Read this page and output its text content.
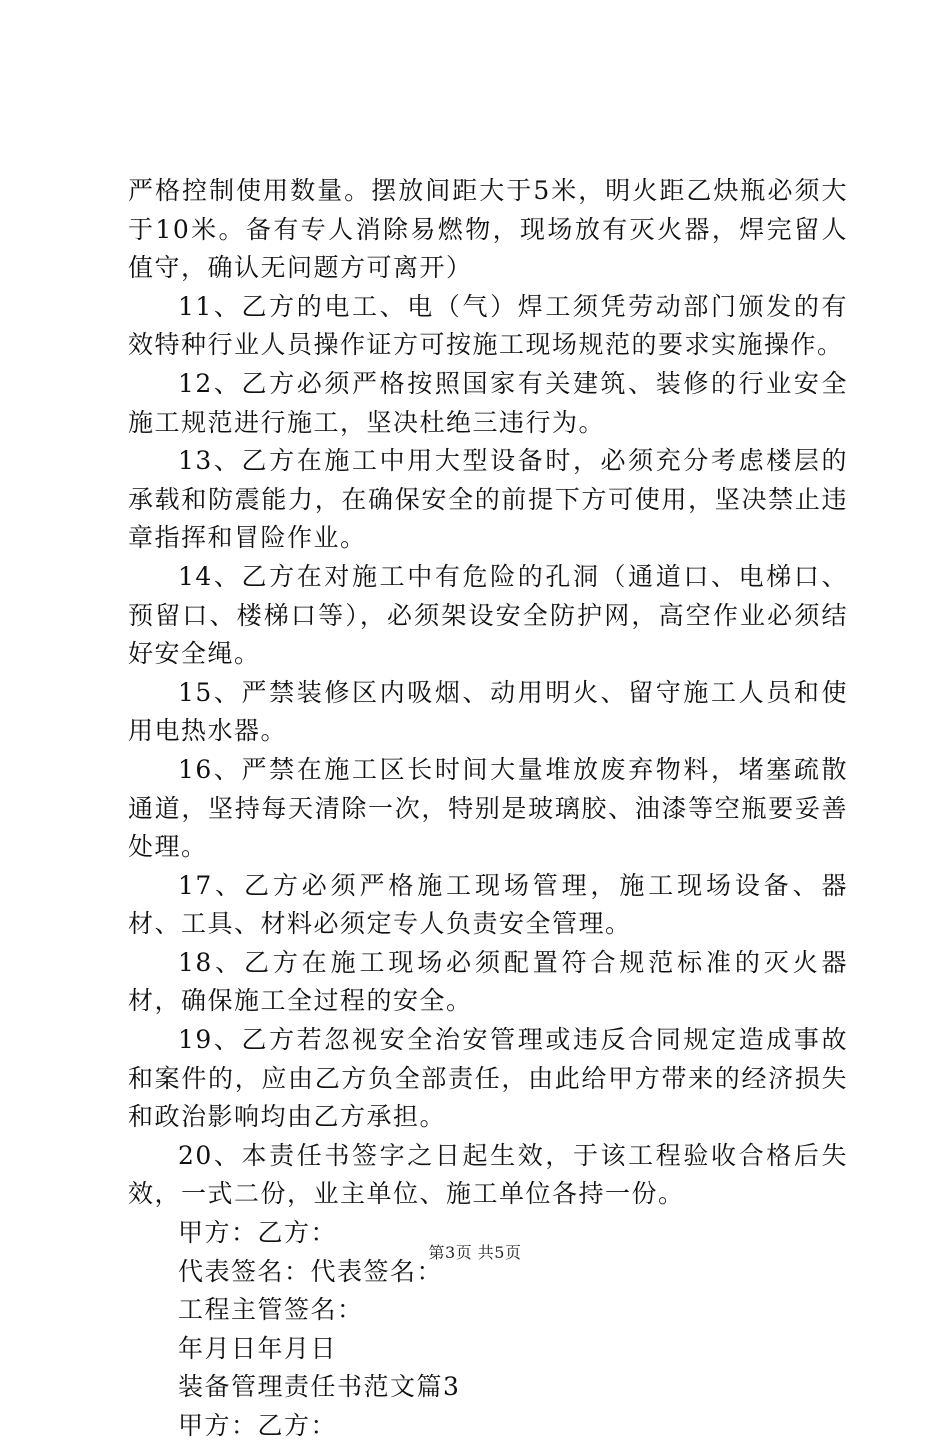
严格控制使用数量。摆放间距大于5米，明火距乙炔瓶必须大于10米。备有专人消除易燃物，现场放有灭火器，焊完留人值守，确认无问题方可离开）

11、乙方的电工、电（气）焊工须凭劳动部门颁发的有效特种行业人员操作证方可按施工现场规范的要求实施操作。

12、乙方必须严格按照国家有关建筑、装修的行业安全施工规范进行施工，坚决杜绝三违行为。

13、乙方在施工中用大型设备时，必须充分考虑楼层的承载和防震能力，在确保安全的前提下方可使用，坚决禁止违章指挥和冒险作业。

14、乙方在对施工中有危险的孔洞（通道口、电梯口、预留口、楼梯口等），必须架设安全防护网，高空作业必须结好安全绳。

15、严禁装修区内吸烟、动用明火、留守施工人员和使用电热水器。

16、严禁在施工区长时间大量堆放废弃物料，堵塞疏散通道，坚持每天清除一次，特别是玻璃胶、油漆等空瓶要妥善处理。

17、乙方必须严格施工现场管理，施工现场设备、器材、工具、材料必须定专人负责安全管理。

18、乙方在施工现场必须配置符合规范标准的灭火器材，确保施工全过程的安全。

19、乙方若忽视安全治安管理或违反合同规定造成事故和案件的，应由乙方负全部责任，由此给甲方带来的经济损失和政治影响均由乙方承担。

20、本责任书签字之日起生效，于该工程验收合格后失效，一式二份，业主单位、施工单位各持一份。

甲方：乙方：

代表签名：代表签名：

工程主管签名：

年月日年月日

装备管理责任书范文篇3

甲方：乙方：

第3页 共5页
